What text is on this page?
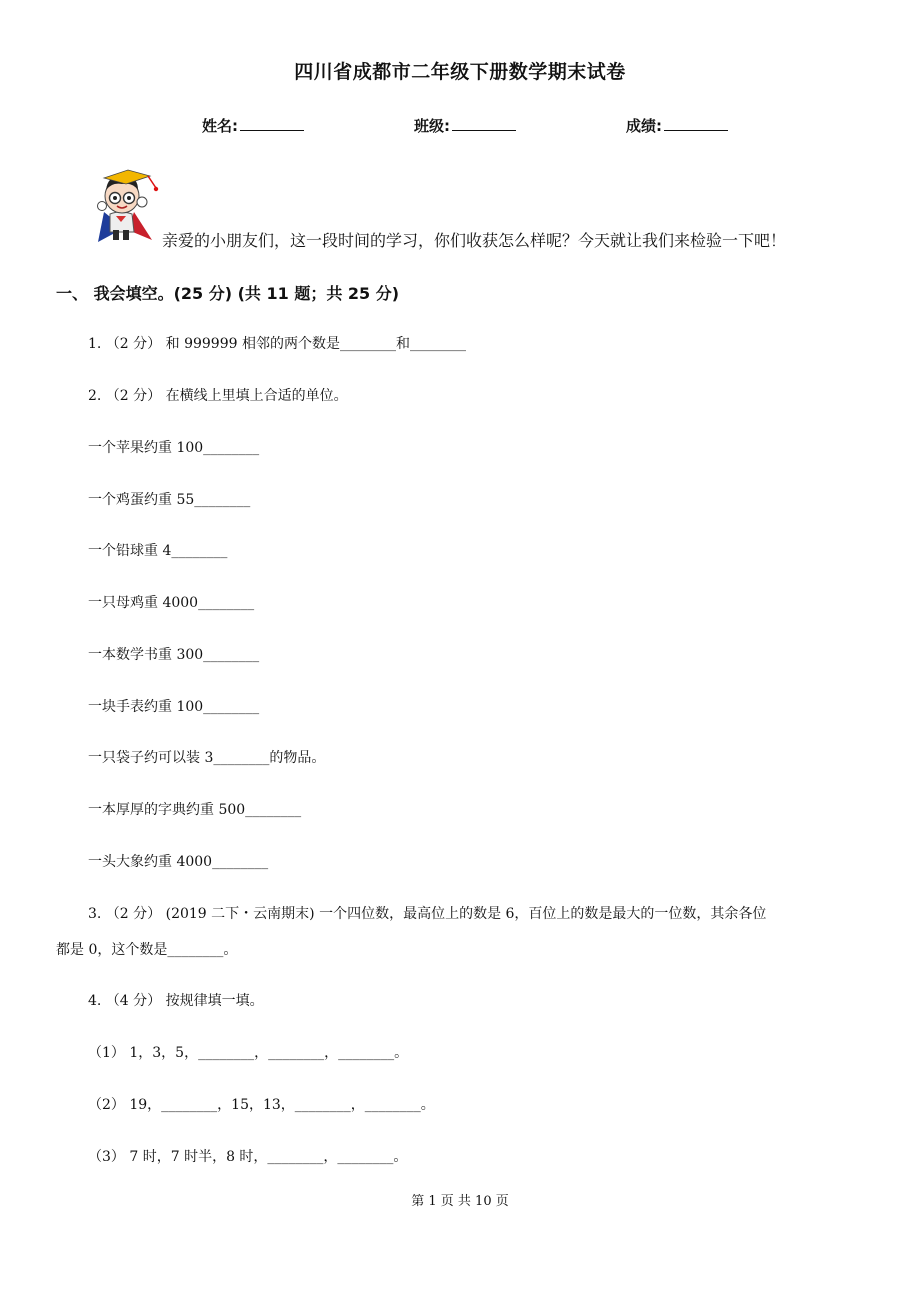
四川省成都市二年级下册数学期末试卷
姓名:	班级:	成绩:
亲爱的小朋友们，这一段时间的学习，你们收获怎么样呢？今天就让我们来检验一下吧！
一、 我会填空。(25 分) (共 11 题；共 25 分)
1. （2 分） 和 999999 相邻的两个数是________和________
2. （2 分） 在横线上里填上合适的单位。
一个苹果约重 100________
一个鸡蛋约重 55________
一个铅球重 4________
一只母鸡重 4000________
一本数学书重 300________
一块手表约重 100________
一只袋子约可以装 3________的物品。
一本厚厚的字典约重 500________
一头大象约重 4000________
3. （2 分） (2019 二下・云南期末) 一个四位数，最高位上的数是 6，百位上的数是最大的一位数，其余各位
都是 0，这个数是________。
4. （4 分） 按规律填一填。
（1） 1，3，5，________，________，________。
（2） 19，________，15，13，________，________。
（3） 7 时，7 时半，8 时，________，________。
第 1 页 共 10 页
